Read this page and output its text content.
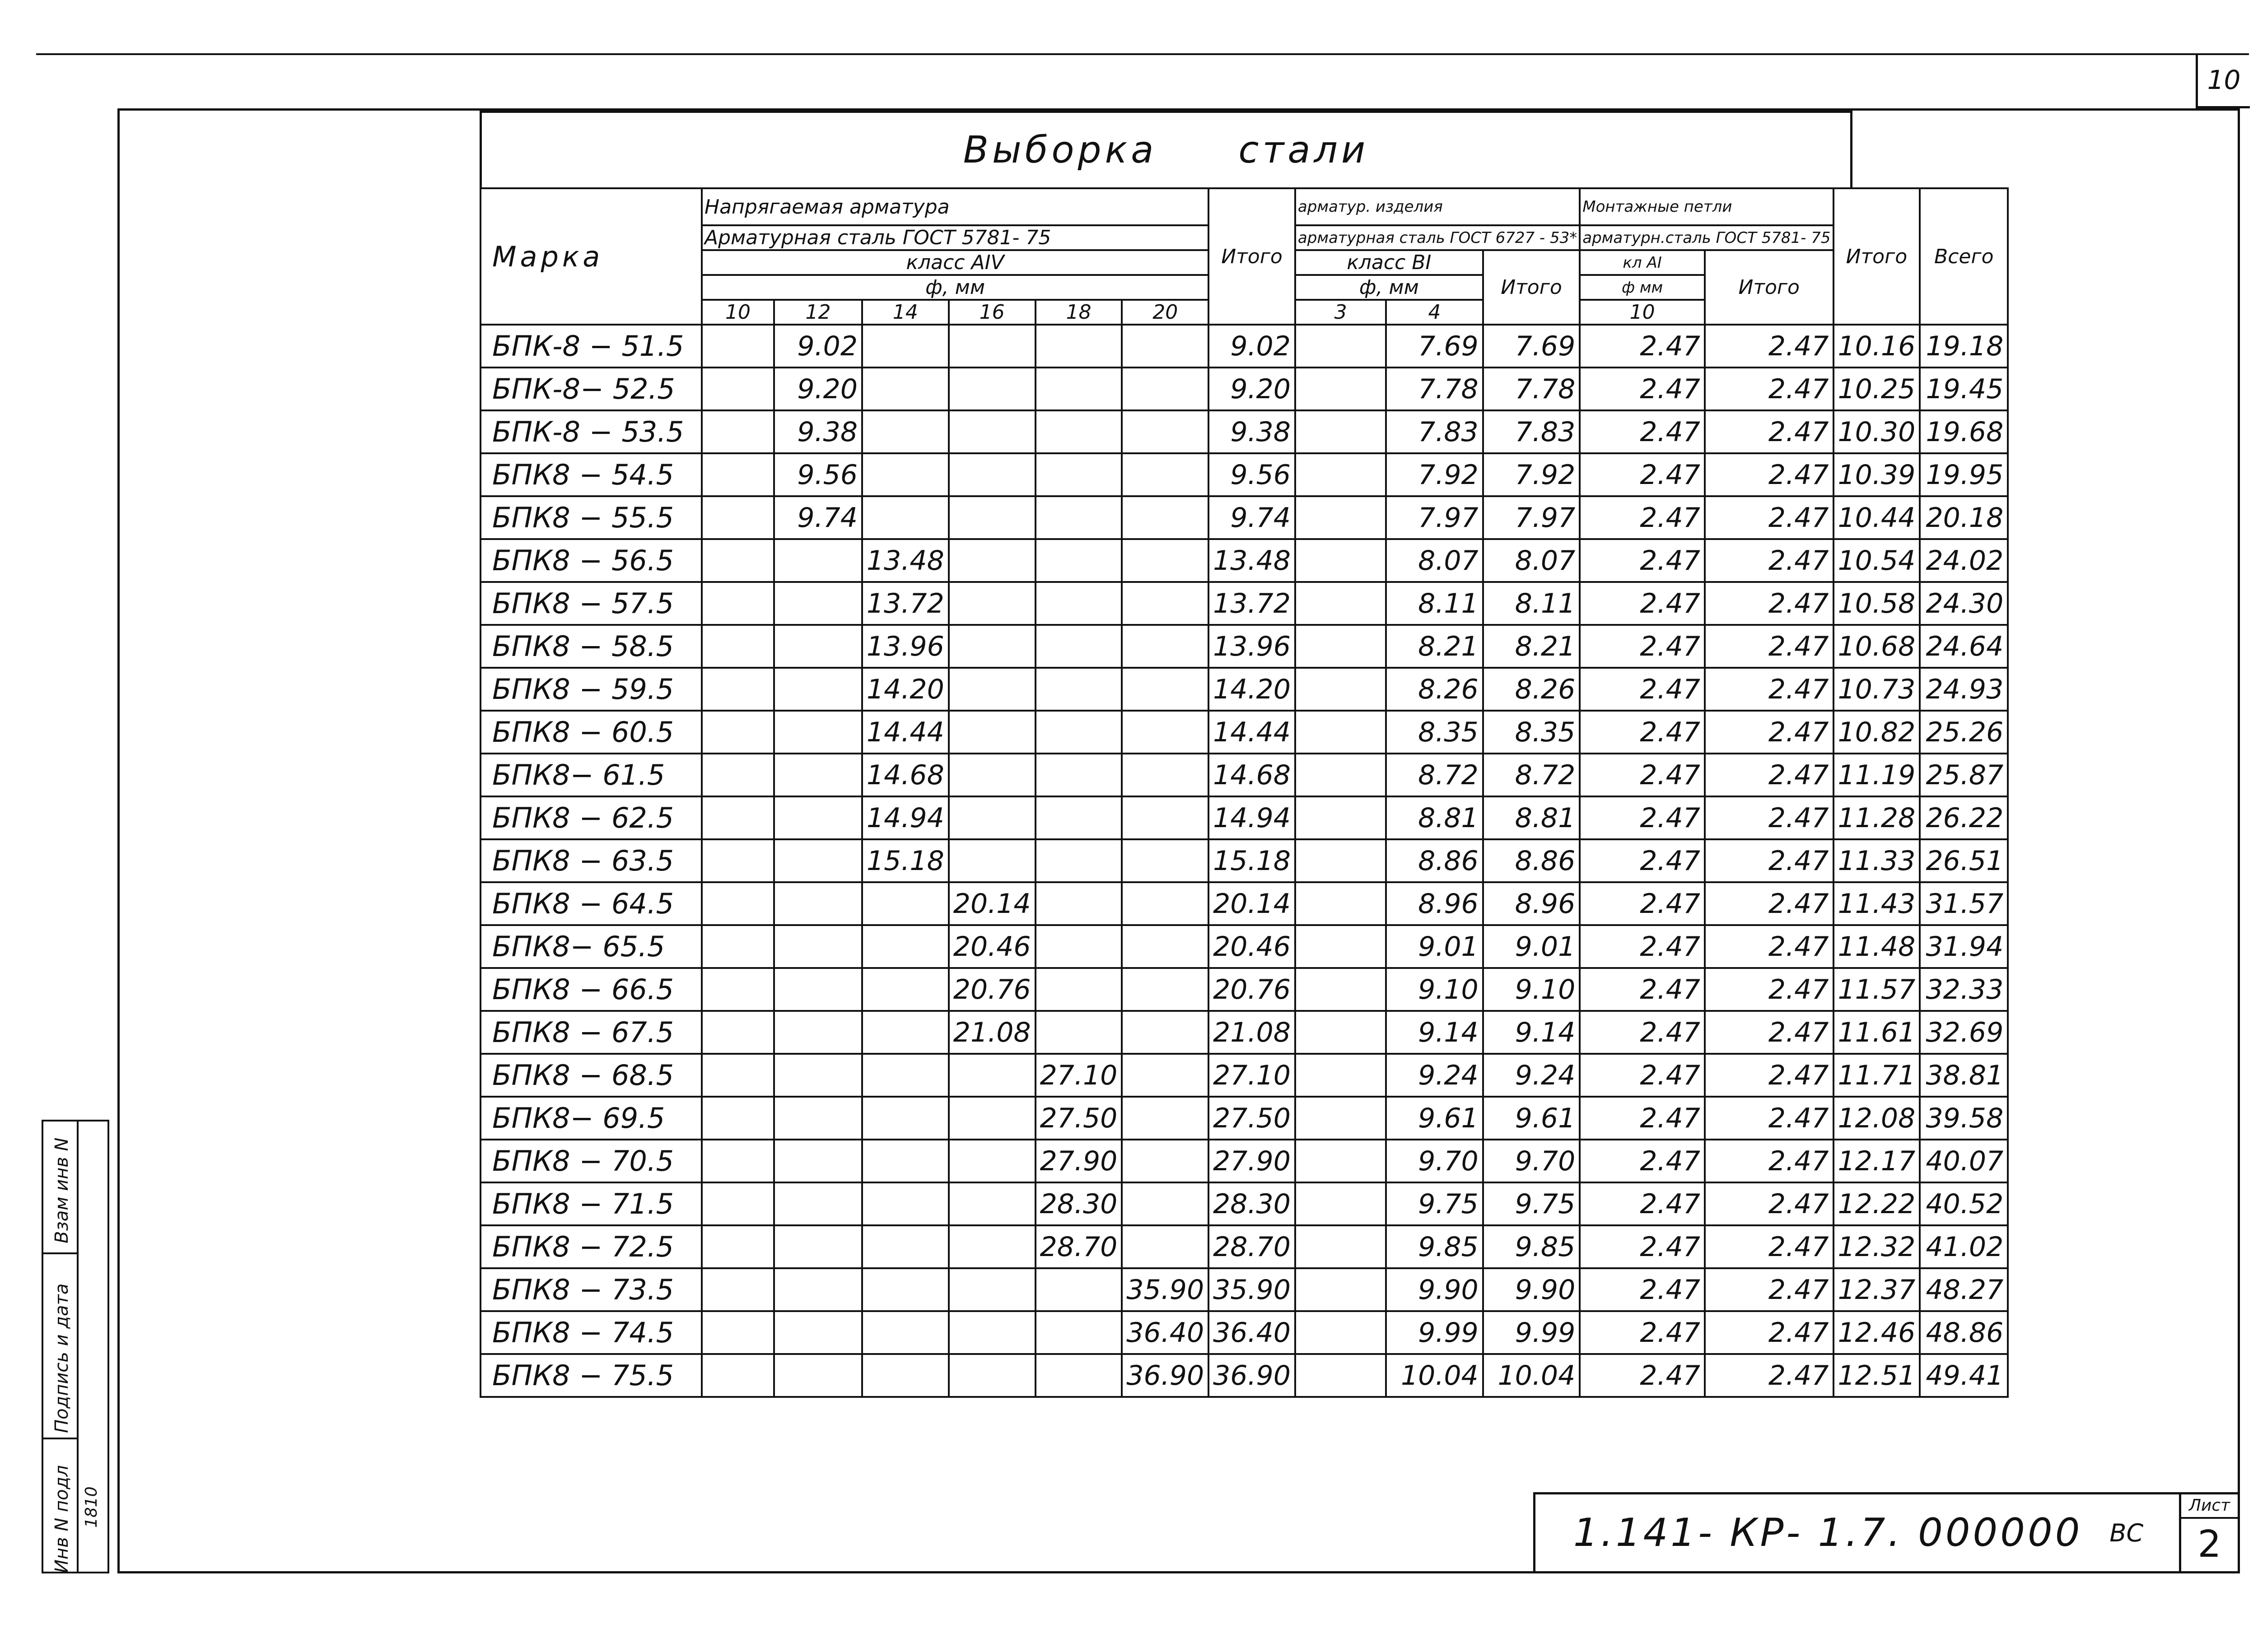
10
Взам инв N
Подпись и дата
Инв N подл 1810
Выборка стали
Марка	Напрягаемая арматура						Итого	арматур. изделия			Монтажные петли		Итого	Всего
	Арматурная сталь ГОСТ 5781- 75							арматурная сталь ГОСТ 6727 - 53*			арматурн.сталь ГОСТ 5781- 75			
	класс АIV							класс ВI		Итого	кл АI	Итого		
	ф, мм							ф, мм			ф мм			
	10	12	14	16	18	20		3	4		10			
БПК-8 − 51.5		9.02					9.02		7.69	7.69	2.47	2.47	10.16	19.18
БПК-8− 52.5		9.20					9.20		7.78	7.78	2.47	2.47	10.25	19.45
БПК-8 − 53.5		9.38					9.38		7.83	7.83	2.47	2.47	10.30	19.68
БПК8 − 54.5		9.56					9.56		7.92	7.92	2.47	2.47	10.39	19.95
БПК8 − 55.5		9.74					9.74		7.97	7.97	2.47	2.47	10.44	20.18
БПК8 − 56.5			13.48				13.48		8.07	8.07	2.47	2.47	10.54	24.02
БПК8 − 57.5			13.72				13.72		8.11	8.11	2.47	2.47	10.58	24.30
БПК8 − 58.5			13.96				13.96		8.21	8.21	2.47	2.47	10.68	24.64
БПК8 − 59.5			14.20				14.20		8.26	8.26	2.47	2.47	10.73	24.93
БПК8 − 60.5			14.44				14.44		8.35	8.35	2.47	2.47	10.82	25.26
БПК8− 61.5			14.68				14.68		8.72	8.72	2.47	2.47	11.19	25.87
БПК8 − 62.5			14.94				14.94		8.81	8.81	2.47	2.47	11.28	26.22
БПК8 − 63.5			15.18				15.18		8.86	8.86	2.47	2.47	11.33	26.51
БПК8 − 64.5				20.14			20.14		8.96	8.96	2.47	2.47	11.43	31.57
БПК8− 65.5				20.46			20.46		9.01	9.01	2.47	2.47	11.48	31.94
БПК8 − 66.5				20.76			20.76		9.10	9.10	2.47	2.47	11.57	32.33
БПК8 − 67.5				21.08			21.08		9.14	9.14	2.47	2.47	11.61	32.69
БПК8 − 68.5					27.10		27.10		9.24	9.24	2.47	2.47	11.71	38.81
БПК8− 69.5					27.50		27.50		9.61	9.61	2.47	2.47	12.08	39.58
БПК8 − 70.5					27.90		27.90		9.70	9.70	2.47	2.47	12.17	40.07
БПК8 − 71.5					28.30		28.30		9.75	9.75	2.47	2.47	12.22	40.52
БПК8 − 72.5					28.70		28.70		9.85	9.85	2.47	2.47	12.32	41.02
БПК8 − 73.5						35.90	35.90		9.90	9.90	2.47	2.47	12.37	48.27
БПК8 − 74.5						36.40	36.40		9.99	9.99	2.47	2.47	12.46	48.86
БПК8 − 75.5						36.90	36.90		10.04	10.04	2.47	2.47	12.51	49.41
1.141- КР- 1.7. 000000 ВС
Лист
2
